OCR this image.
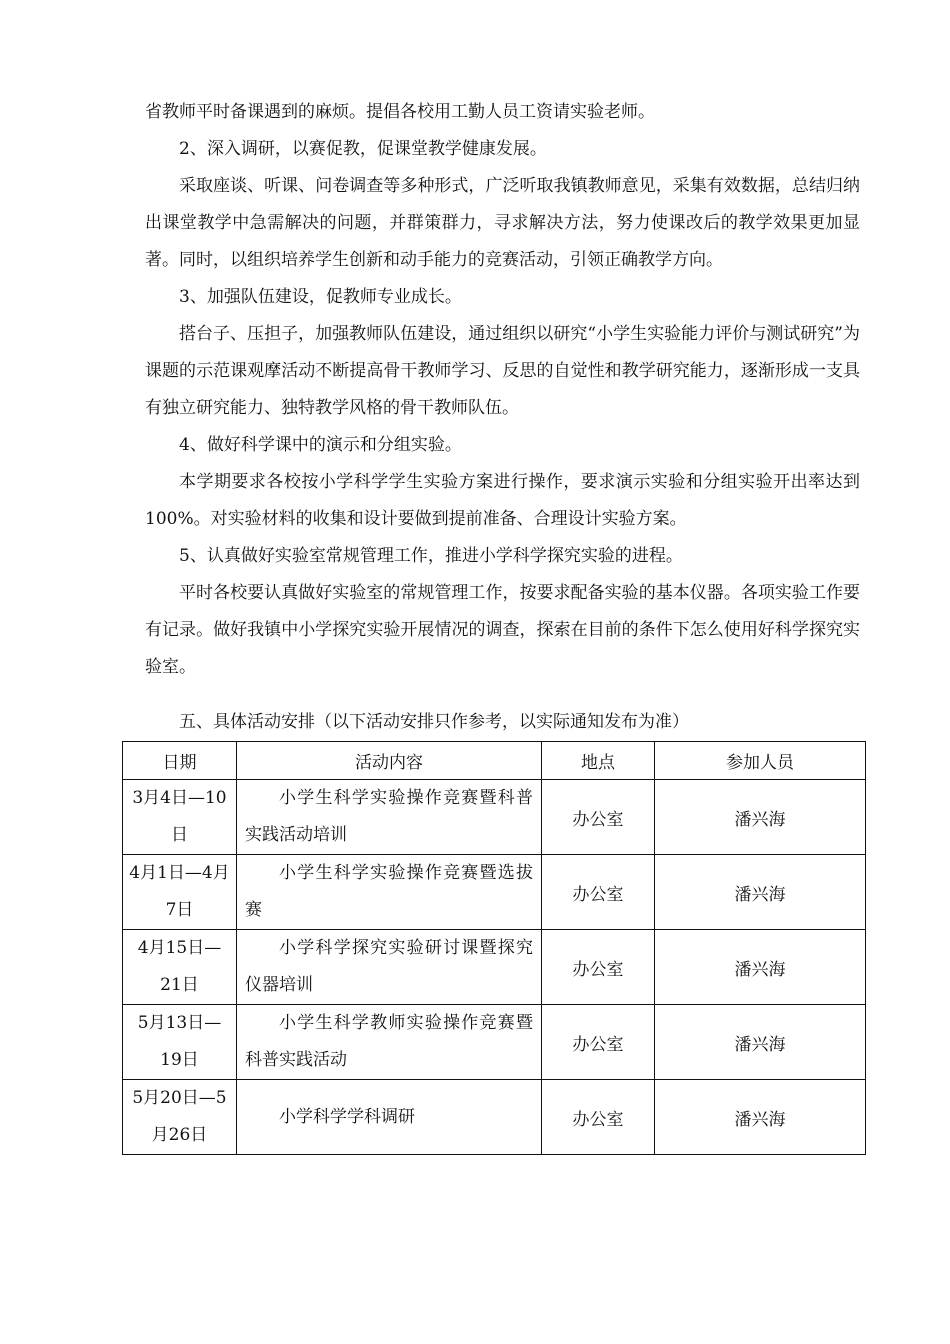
省教师平时备课遇到的麻烦。提倡各校用工勤人员工资请实验老师。

2、深入调研，以赛促教，促课堂教学健康发展。

采取座谈、听课、问卷调查等多种形式，广泛听取我镇教师意见，采集有效数据，总结归纳出课堂教学中急需解决的问题，并群策群力，寻求解决方法，努力使课改后的教学效果更加显著。同时，以组织培养学生创新和动手能力的竞赛活动，引领正确教学方向。

3、加强队伍建设，促教师专业成长。

搭台子、压担子，加强教师队伍建设，通过组织以研究“小学生实验能力评价与测试研究”为课题的示范课观摩活动不断提高骨干教师学习、反思的自觉性和教学研究能力，逐渐形成一支具有独立研究能力、独特教学风格的骨干教师队伍。

4、做好科学课中的演示和分组实验。

本学期要求各校按小学科学学生实验方案进行操作，要求演示实验和分组实验开出率达到100%。对实验材料的收集和设计要做到提前准备、合理设计实验方案。

5、认真做好实验室常规管理工作，推进小学科学探究实验的进程。

平时各校要认真做好实验室的常规管理工作，按要求配备实验的基本仪器。各项实验工作要有记录。做好我镇中小学探究实验开展情况的调查，探索在目前的条件下怎么使用好科学探究实验室。

五、具体活动安排（以下活动安排只作参考，以实际通知发布为准）

日期	活动内容	地点	参加人员

3月4日—10日	小学生科学实验操作竞赛暨科普实践活动培训	办公室	潘兴海

4月1日—4月7日	小学生科学实验操作竞赛暨选拔赛	办公室	潘兴海

4月15日—21日	小学科学探究实验研讨课暨探究仪器培训	办公室	潘兴海

5月13日—19日	小学生科学教师实验操作竞赛暨科普实践活动	办公室	潘兴海

5月20日—5月26日	小学科学学科调研	办公室	潘兴海
